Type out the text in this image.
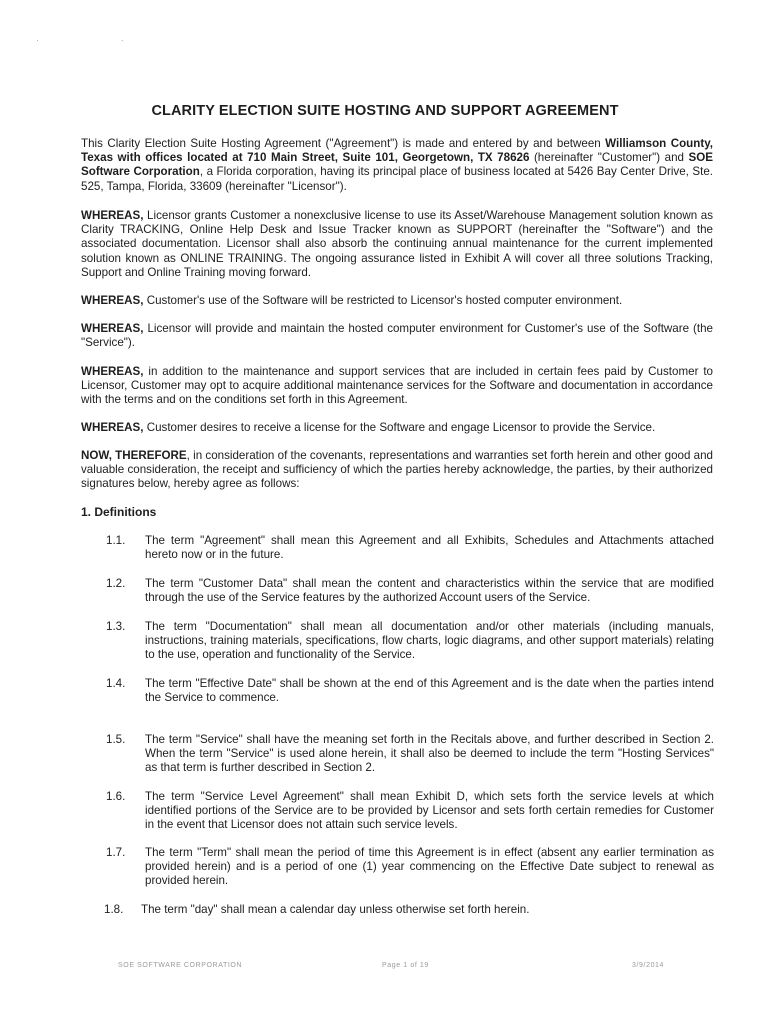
· ·
CLARITY ELECTION SUITE HOSTING AND SUPPORT AGREEMENT

This Clarity Election Suite Hosting Agreement ("Agreement") is made and entered by and between Williamson County, Texas with offices located at 710 Main Street, Suite 101, Georgetown, TX 78626 (hereinafter "Customer") and SOE Software Corporation, a Florida corporation, having its principal place of business located at 5426 Bay Center Drive, Ste. 525, Tampa, Florida, 33609 (hereinafter "Licensor").

WHEREAS, Licensor grants Customer a nonexclusive license to use its Asset/Warehouse Management solution known as Clarity TRACKING, Online Help Desk and Issue Tracker known as SUPPORT (hereinafter the "Software") and the associated documentation. Licensor shall also absorb the continuing annual maintenance for the current implemented solution known as ONLINE TRAINING. The ongoing assurance listed in Exhibit A will cover all three solutions Tracking, Support and Online Training moving forward.

WHEREAS, Customer's use of the Software will be restricted to Licensor's hosted computer environment.

WHEREAS, Licensor will provide and maintain the hosted computer environment for Customer's use of the Software (the "Service").

WHEREAS, in addition to the maintenance and support services that are included in certain fees paid by Customer to Licensor, Customer may opt to acquire additional maintenance services for the Software and documentation in accordance with the terms and on the conditions set forth in this Agreement.

WHEREAS, Customer desires to receive a license for the Software and engage Licensor to provide the Service.

NOW, THEREFORE, in consideration of the covenants, representations and warranties set forth herein and other good and valuable consideration, the receipt and sufficiency of which the parties hereby acknowledge, the parties, by their authorized signatures below, hereby agree as follows:

1. Definitions
1.1.	The term "Agreement" shall mean this Agreement and all Exhibits, Schedules and Attachments attached hereto now or in the future.
1.2.	The term "Customer Data" shall mean the content and characteristics within the service that are modified through the use of the Service features by the authorized Account users of the Service.
1.3.	The term "Documentation" shall mean all documentation and/or other materials (including manuals, instructions, training materials, specifications, flow charts, logic diagrams, and other support materials) relating to the use, operation and functionality of the Service.
1.4.	The term "Effective Date" shall be shown at the end of this Agreement and is the date when the parties intend the Service to commence.
1.5.	The term "Service" shall have the meaning set forth in the Recitals above, and further described in Section 2. When the term "Service" is used alone herein, it shall also be deemed to include the term "Hosting Services" as that term is further described in Section 2.
1.6.	The term "Service Level Agreement" shall mean Exhibit D, which sets forth the service levels at which identified portions of the Service are to be provided by Licensor and sets forth certain remedies for Customer in the event that Licensor does not attain such service levels.
1.7.	The term "Term" shall mean the period of time this Agreement is in effect (absent any earlier termination as provided herein) and is a period of one (1) year commencing on the Effective Date subject to renewal as provided herein.
1.8.	The term "day" shall mean a calendar day unless otherwise set forth herein.
SOE SOFTWARE CORPORATION	Page 1 of 19	3/9/2014
